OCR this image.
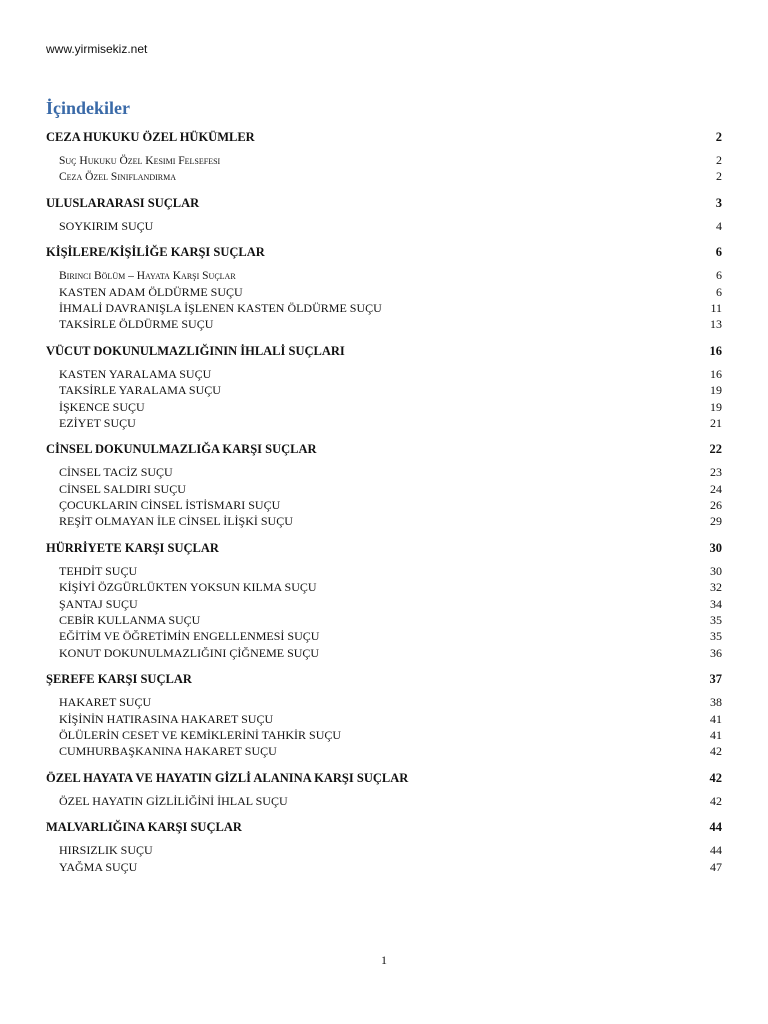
www.yirmisekiz.net
İçindekiler
CEZA HUKUKU ÖZEL HÜKÜMLER	2
Suç Hukuku Özel Kesimi Felsefesi	2
Ceza Özel Sınıflandırma	2
ULUSLARARASI SUÇLAR	3
SOYKIRIM SUÇU	4
KİŞİLERE/KİŞİLİĞE KARŞI SUÇLAR	6
Birinci Bölüm – Hayata Karşı Suçlar	6
KASTEN ADAM ÖLDÜRME SUÇU	6
İHMALİ DAVRANIŞLA İŞLENEN KASTEN ÖLDÜRME SUÇU	11
TAKSİRLE ÖLDÜRME SUÇU	13
VÜCUT DOKUNULMAZLIĞININ İHLALİ SUÇLARI	16
KASTEN YARALAMA SUÇU	16
TAKSİRLE YARALAMA SUÇU	19
İŞKENCE SUÇU	19
EZİYET SUÇU	21
CİNSEL DOKUNULMAZLIĞA KARŞI SUÇLAR	22
CİNSEL TACİZ SUÇU	23
CİNSEL SALDIRI SUÇU	24
ÇOCUKLARIN CİNSEL İSTİSMARI SUÇU	26
REŞİT OLMAYAN İLE CİNSEL İLİŞKİ SUÇU	29
HÜRRİYETE KARŞI SUÇLAR	30
TEHDİT SUÇU	30
KİŞİYİ ÖZGÜRLÜKTEN YOKSUN KILMA SUÇU	32
ŞANTAJ SUÇU	34
CEBİR KULLANMA SUÇU	35
EĞİTİM VE ÖĞRETİMİN ENGELLENMESİ SUÇU	35
KONUT DOKUNULMAZLIĞINI ÇİĞNEME SUÇU	36
ŞEREFE KARŞI SUÇLAR	37
HAKARET SUÇU	38
KİŞİNİN HATIRASINA HAKARET SUÇU	41
ÖLÜLERİN CESET VE KEMİKLERİNİ TAHKİR SUÇU	41
CUMHURBAŞKANINA HAKARET SUÇU	42
ÖZEL HAYATA VE HAYATIN GİZLİ ALANINA KARŞI SUÇLAR	42
ÖZEL HAYATIN GİZLİLİĞİNİ İHLAL SUÇU	42
MALVARLIĞINA KARŞI SUÇLAR	44
HIRSIZLIK SUÇU	44
YAĞMA SUÇU	47
1
